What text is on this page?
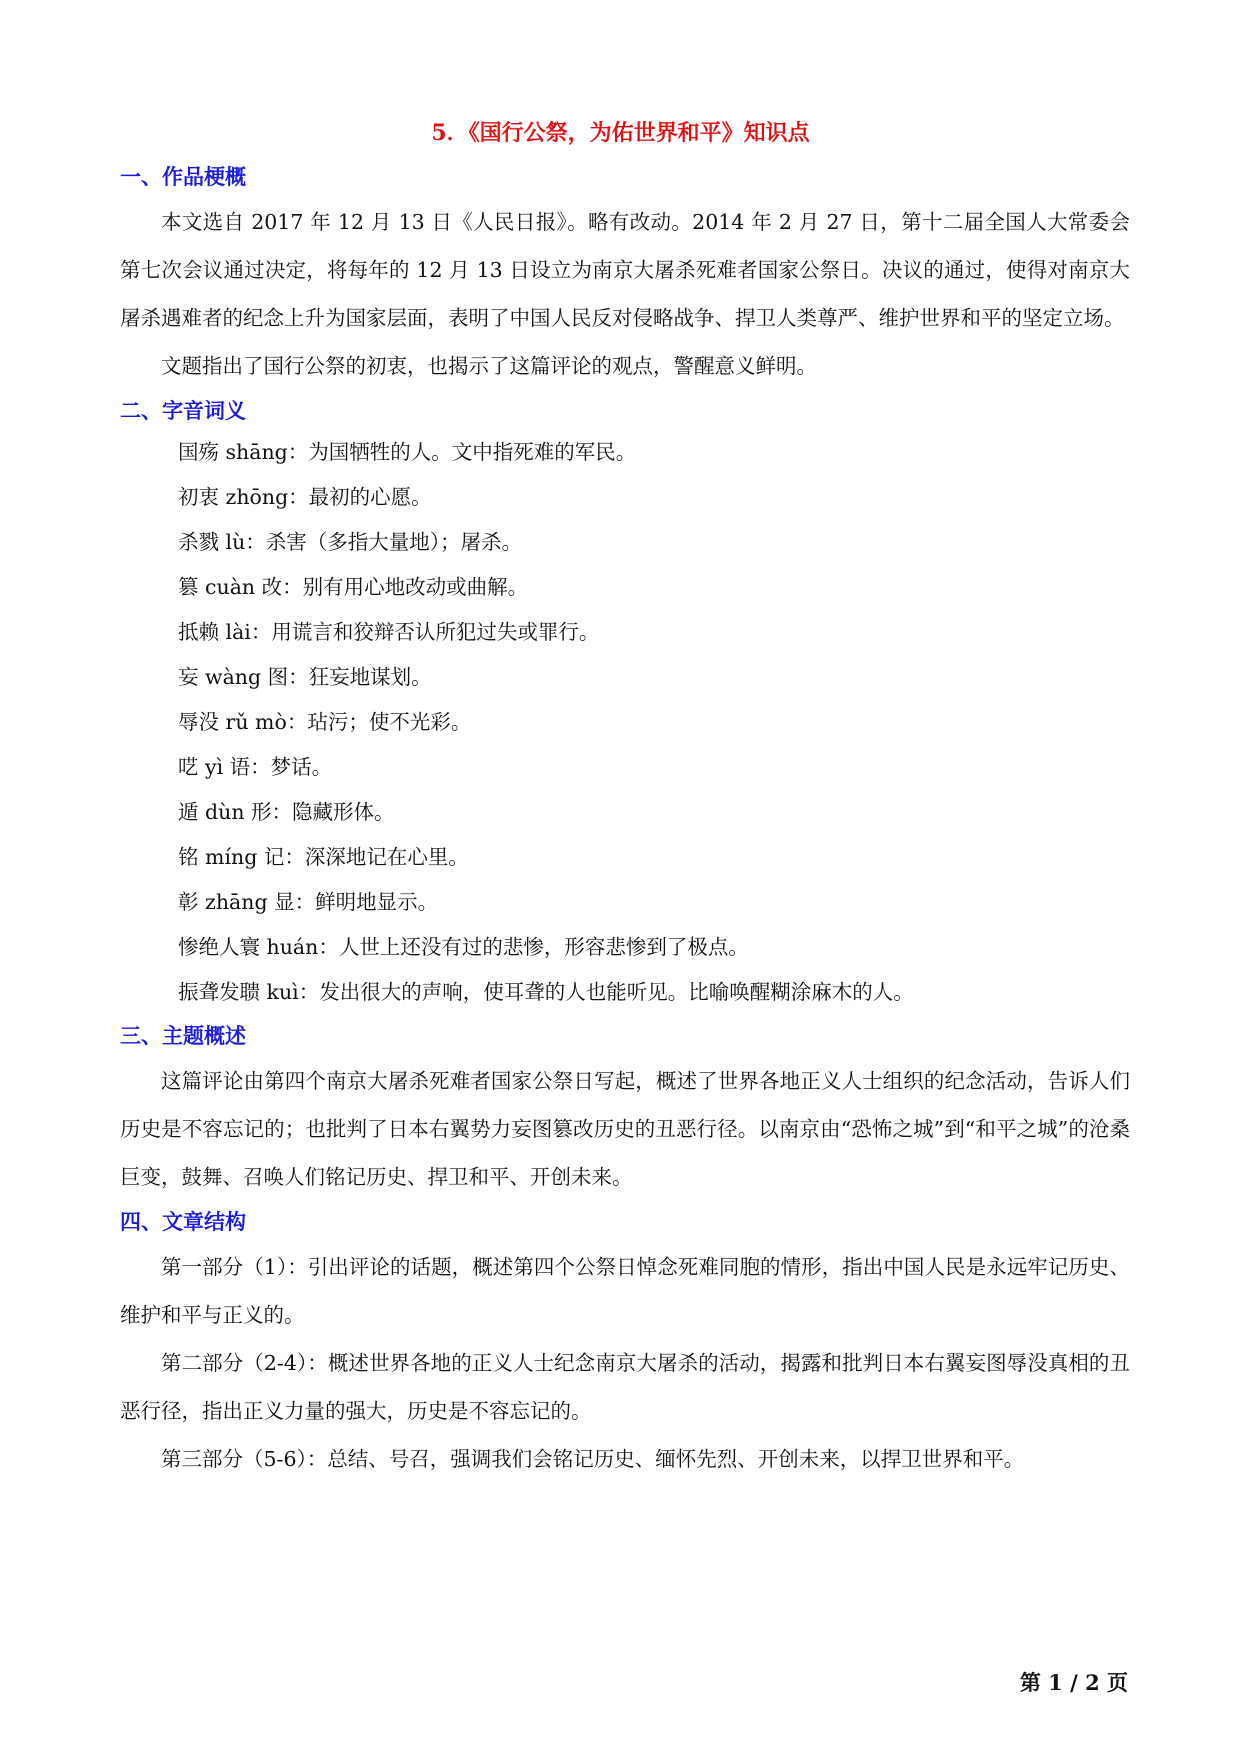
5．《国行公祭，为佑世界和平》知识点

一、作品梗概

本文选自 2017 年 12 月 13 日《人民日报》。略有改动。2014 年 2 月 27 日，第十二届全国人大常委会第七次会议通过决定，将每年的 12 月 13 日设立为南京大屠杀死难者国家公祭日。决议的通过，使得对南京大屠杀遇难者的纪念上升为国家层面，表明了中国人民反对侵略战争、捍卫人类尊严、维护世界和平的坚定立场。

文题指出了国行公祭的初衷，也揭示了这篇评论的观点，警醒意义鲜明。

二、字音词义

国殇 shāng：为国牺牲的人。文中指死难的军民。

初衷 zhōng：最初的心愿。

杀戮 lù：杀害（多指大量地）；屠杀。

篡 cuàn 改：别有用心地改动或曲解。

抵赖 lài：用谎言和狡辩否认所犯过失或罪行。

妄 wàng 图：狂妄地谋划。

辱没 rǔ mò：玷污；使不光彩。

呓 yì 语：梦话。

遁 dùn 形：隐藏形体。

铭 míng 记：深深地记在心里。

彰 zhāng 显：鲜明地显示。

惨绝人寰 huán：人世上还没有过的悲惨，形容悲惨到了极点。

振聋发聩 kuì：发出很大的声响，使耳聋的人也能听见。比喻唤醒糊涂麻木的人。

三、主题概述

这篇评论由第四个南京大屠杀死难者国家公祭日写起，概述了世界各地正义人士组织的纪念活动，告诉人们历史是不容忘记的；也批判了日本右翼势力妄图篡改历史的丑恶行径。以南京由“恐怖之城”到“和平之城”的沧桑巨变，鼓舞、召唤人们铭记历史、捍卫和平、开创未来。

四、文章结构

第一部分（1）：引出评论的话题，概述第四个公祭日悼念死难同胞的情形，指出中国人民是永远牢记历史、维护和平与正义的。

第二部分（2-4）：概述世界各地的正义人士纪念南京大屠杀的活动，揭露和批判日本右翼妄图辱没真相的丑恶行径，指出正义力量的强大，历史是不容忘记的。

第三部分（5-6）：总结、号召，强调我们会铭记历史、缅怀先烈、开创未来，以捍卫世界和平。

第 1 / 2 页
